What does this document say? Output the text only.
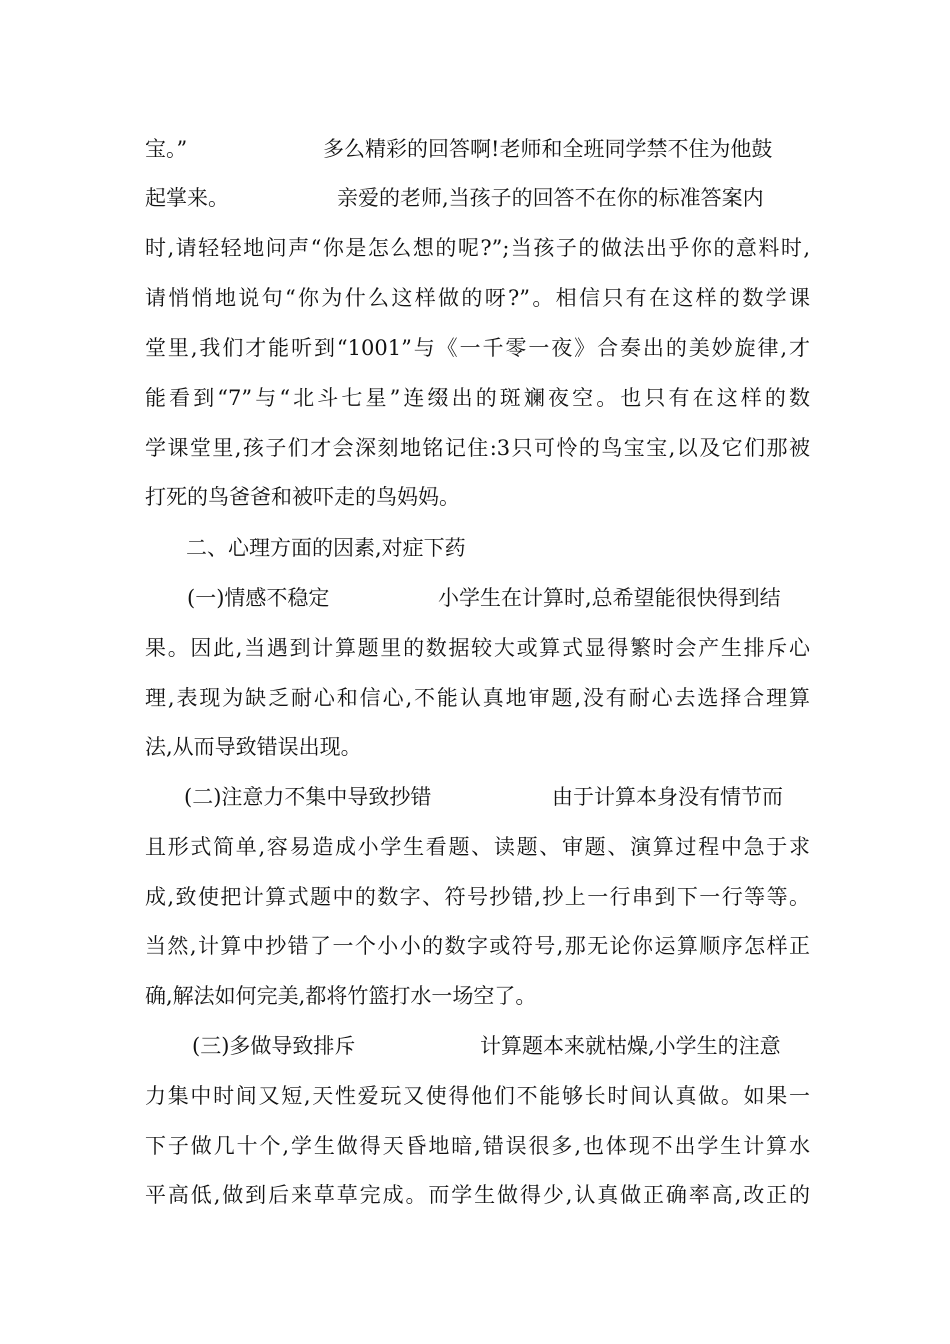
宝。”	多么精彩的回答啊!老师和全班同学禁不住为他鼓
起掌来。	亲爱的老师,当孩子的回答不在你的标准答案内
时,请轻轻地问声“你是怎么想的呢?”;当孩子的做法出乎你的意料时,
请悄悄地说句“你为什么这样做的呀?”。相信只有在这样的数学课
堂里,我们才能听到“1001”与《一千零一夜》合奏出的美妙旋律,才
能看到“7”与“北斗七星”连缀出的斑斓夜空。也只有在这样的数
学课堂里,孩子们才会深刻地铭记住:3只可怜的鸟宝宝,以及它们那被
打死的鸟爸爸和被吓走的鸟妈妈。
二、心理方面的因素,对症下药
(一)情感不稳定	小学生在计算时,总希望能很快得到结
果。因此,当遇到计算题里的数据较大或算式显得繁时会产生排斥心
理,表现为缺乏耐心和信心,不能认真地审题,没有耐心去选择合理算
法,从而导致错误出现。
(二)注意力不集中导致抄错	由于计算本身没有情节而
且形式简单,容易造成小学生看题、读题、审题、演算过程中急于求
成,致使把计算式题中的数字、符号抄错,抄上一行串到下一行等等。
当然,计算中抄错了一个小小的数字或符号,那无论你运算顺序怎样正
确,解法如何完美,都将竹篮打水一场空了。
(三)多做导致排斥	计算题本来就枯燥,小学生的注意
力集中时间又短,天性爱玩又使得他们不能够长时间认真做。如果一
下子做几十个,学生做得天昏地暗,错误很多,也体现不出学生计算水
平高低,做到后来草草完成。而学生做得少,认真做正确率高,改正的
